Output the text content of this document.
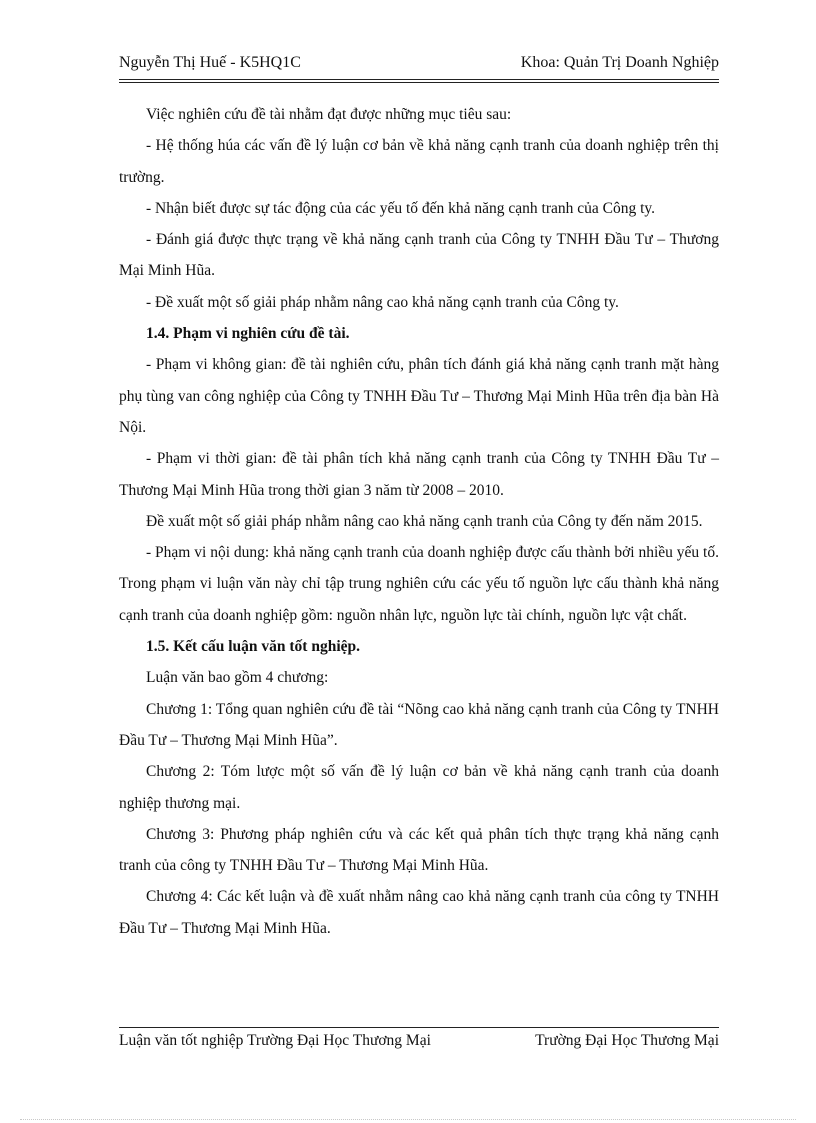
Nguyễn Thị Huế - K5HQ1C	Khoa: Quản Trị Doanh Nghiệp

Việc nghiên cứu đề tài nhằm đạt được những mục tiêu sau:

- Hệ thống húa các vấn đề lý luận cơ bản về khả năng cạnh tranh của doanh nghiệp trên thị trường.

- Nhận biết được sự tác động của các yếu tố đến khả năng cạnh tranh của Công ty.

- Đánh giá được thực trạng về khả năng cạnh tranh của Công ty TNHH Đầu Tư – Thương Mại Minh Hũa.

- Đề xuất một số giải pháp nhằm nâng cao khả năng cạnh tranh của Công ty.

1.4. Phạm vi nghiên cứu đề tài.

- Phạm vi không gian: đề tài nghiên cứu, phân tích đánh giá khả năng cạnh tranh mặt hàng phụ tùng van công nghiệp của Công ty TNHH Đầu Tư – Thương Mại Minh Hũa trên địa bàn Hà Nội.

- Phạm vi thời gian: đề tài phân tích khả năng cạnh tranh của Công ty TNHH Đầu Tư – Thương Mại Minh Hũa trong thời gian 3 năm từ 2008 – 2010.

Đề xuất một số giải pháp nhằm nâng cao khả năng cạnh tranh của Công ty đến năm 2015.

- Phạm vi nội dung: khả năng cạnh tranh của doanh nghiệp được cấu thành bởi nhiều yếu tố. Trong phạm vi luận văn này chỉ tập trung nghiên cứu các yếu tố nguồn lực cấu thành khả năng cạnh tranh của doanh nghiệp gồm: nguồn nhân lực, nguồn lực tài chính, nguồn lực vật chất.

1.5. Kết cấu luận văn tốt nghiệp.

Luận văn bao gồm 4 chương:

Chương 1: Tổng quan nghiên cứu đề tài “Nõng cao khả năng cạnh tranh của Công ty TNHH Đầu Tư – Thương Mại Minh Hũa”.

Chương 2: Tóm lược một số vấn đề lý luận cơ bản về khả năng cạnh tranh của doanh nghiệp thương mại.

Chương 3: Phương pháp nghiên cứu và các kết quả phân tích thực trạng khả năng cạnh tranh của công ty TNHH Đầu Tư – Thương Mại Minh Hũa.

Chương 4: Các kết luận và đề xuất nhằm nâng cao khả năng cạnh tranh của công ty TNHH Đầu Tư – Thương Mại Minh Hũa.

Luận văn tốt nghiệp Trường Đại Học Thương Mại	Trường Đại Học Thương Mại
